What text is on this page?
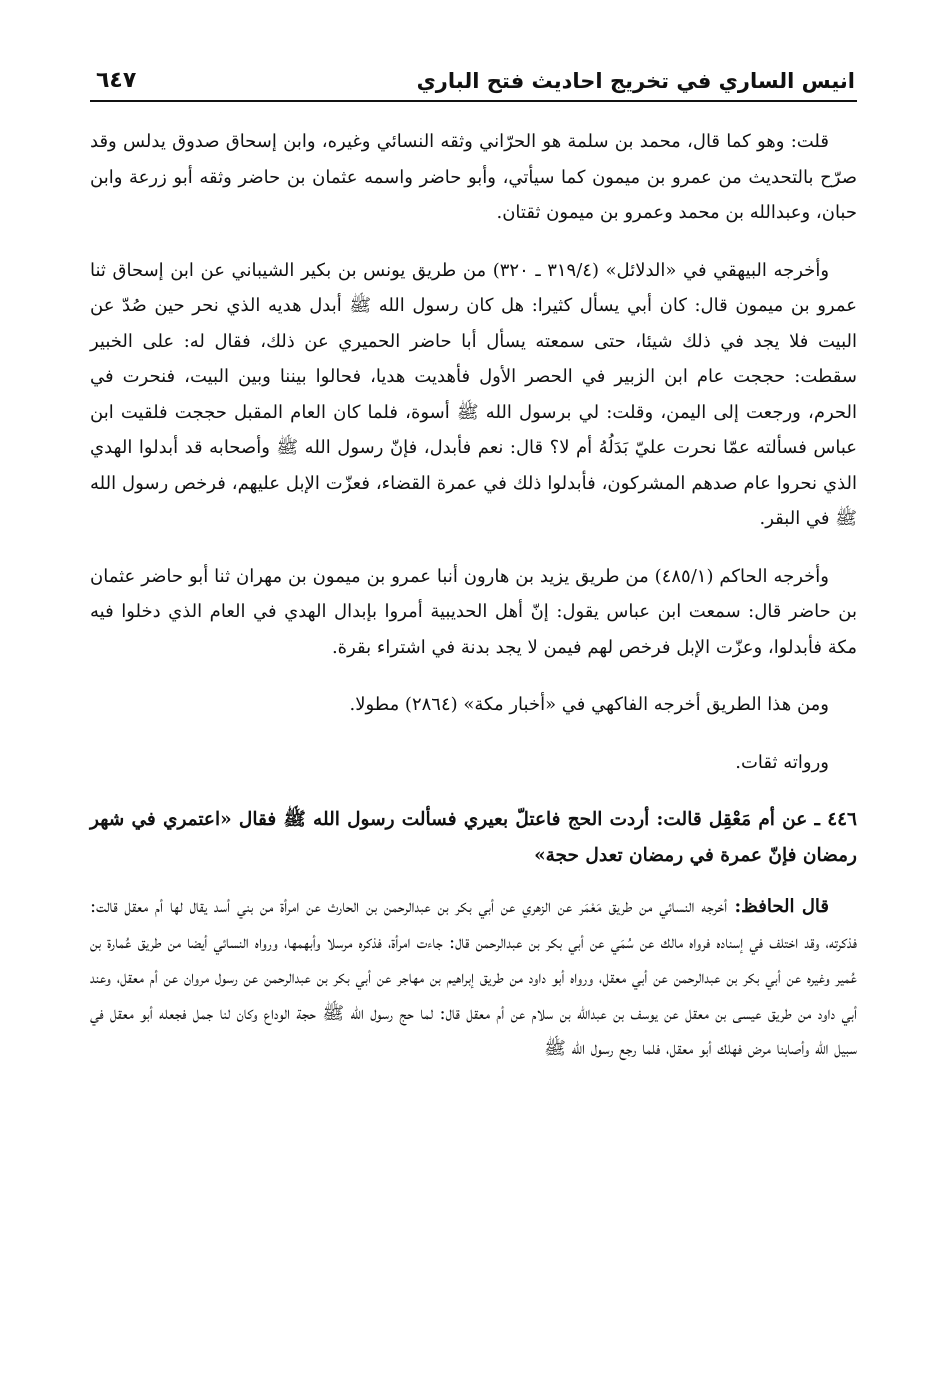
انيس الساري في تخريج احاديث فتح الباري
٦٤٧

قلت: وهو كما قال، محمد بن سلمة هو الحرّاني وثقه النسائي وغيره، وابن إسحاق صدوق يدلس وقد صرّح بالتحديث من عمرو بن ميمون كما سيأتي، وأبو حاضر واسمه عثمان بن حاضر وثقه أبو زرعة وابن حبان، وعبدالله بن محمد وعمرو بن ميمون ثقتان.

وأخرجه البيهقي في «الدلائل» (٣١٩/٤ ـ ٣٢٠) من طريق يونس بن بكير الشيباني عن ابن إسحاق ثنا عمرو بن ميمون قال: كان أبي يسأل كثيرا: هل كان رسول الله ﷺ أبدل هديه الذي نحر حين صُدّ عن البيت فلا يجد في ذلك شيئا، حتى سمعته يسأل أبا حاضر الحميري عن ذلك، فقال له: على الخبير سقطت: حججت عام ابن الزبير في الحصر الأول فأهديت هديا، فحالوا بيننا وبين البيت، فنحرت في الحرم، ورجعت إلى اليمن، وقلت: لي برسول الله ﷺ أسوة، فلما كان العام المقبل حججت فلقيت ابن عباس فسألته عمّا نحرت عليّ بَدَلُهُ أم لا؟ قال: نعم فأبدل، فإنّ رسول الله ﷺ وأصحابه قد أبدلوا الهدي الذي نحروا عام صدهم المشركون، فأبدلوا ذلك في عمرة القضاء، فعزّت الإبل عليهم، فرخص رسول الله ﷺ في البقر.

وأخرجه الحاكم (٤٨٥/١) من طريق يزيد بن هارون أنبا عمرو بن ميمون بن مهران ثنا أبو حاضر عثمان بن حاضر قال: سمعت ابن عباس يقول: إنّ أهل الحديبية أمروا بإبدال الهدي في العام الذي دخلوا فيه مكة فأبدلوا، وعزّت الإبل فرخص لهم فيمن لا يجد بدنة في اشتراء بقرة.

ومن هذا الطريق أخرجه الفاكهي في «أخبار مكة» (٢٨٦٤) مطولا.

ورواته ثقات.

٤٤٦ ـ عن أم مَعْقِل قالت: أردت الحج فاعتلّ بعيري فسألت رسول الله ﷺ فقال «اعتمري في شهر رمضان فإنّ عمرة في رمضان تعدل حجة»

قال الحافظ: أخرجه النسائي من طريق مَعْمَر عن الزهري عن أبي بكر بن عبدالرحمن بن الحارث عن امرأة من بني أسد يقال لها أم معقل قالت: فذكرته، وقد اختلف في إسناده فرواه مالك عن سُمَي عن أبي بكر بن عبدالرحمن قال: جاءت امرأة، فذكره مرسلا وأبهمها، ورواه النسائي أيضا من طريق عُمارة بن عُمير وغيره عن أبي بكر بن عبدالرحمن عن أبي معقل، ورواه أبو داود من طريق إبراهيم بن مهاجر عن أبي بكر بن عبدالرحمن عن رسول مروان عن أم معقل، وعند أبي داود من طريق عيسى بن معقل عن يوسف بن عبدالله بن سلام عن أم معقل قال: لما حج رسول الله ﷺ حجة الوداع وكان لنا جمل فجعله أبو معقل في سبيل الله وأصابنا مرض فهلك أبو معقل، فلما رجع رسول الله ﷺ
